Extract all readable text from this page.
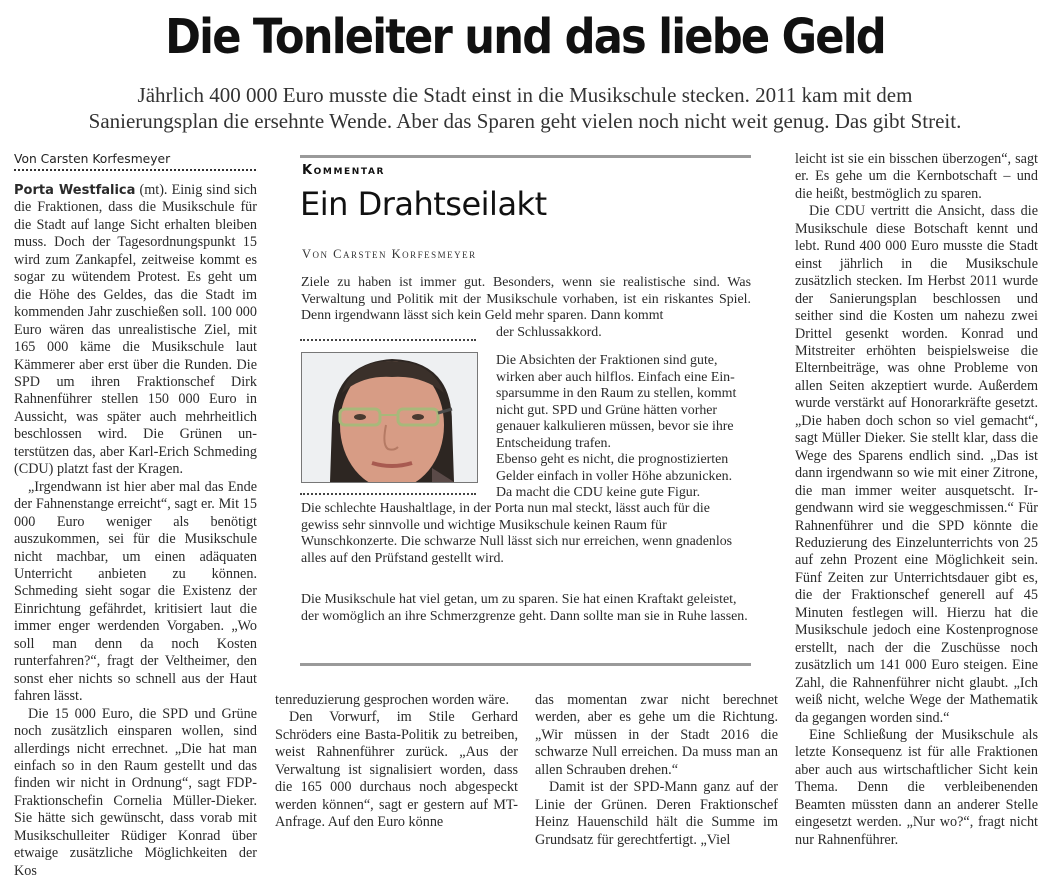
Die Tonleiter und das liebe Geld
Jährlich 400 000 Euro musste die Stadt einst in die Musikschule stecken. 2011 kam mit dem
Sanierungsplan die ersehnte Wende. Aber das Sparen geht vielen noch nicht weit genug. Das gibt Streit.
Von Carsten Korfesmeyer

Porta Westfalica (mt). Einig sind sich die Fraktionen, dass die Musikschule für die Stadt auf lange Sicht erhalten bleiben muss. Doch der Tagesordnungspunkt 15 wird zum Zankapfel, zeitweise kommt es sogar zu wütendem Protest. Es geht um die Höhe des Geldes, das die Stadt im kommenden Jahr zuschießen soll. 100 000 Euro wären das unrealistische Ziel, mit 165 000 käme die Musikschule laut Kämmerer aber erst über die Runden. Die SPD um ihren Fraktionschef Dirk Rahnenführer stellen 150 000 Euro in Aussicht, was später auch mehrheitlich beschlossen wird. Die Grünen unterstützen das, aber Karl-Erich Schmeding (CDU) platzt fast der Kragen.

„Irgendwann ist hier aber mal das Ende der Fahnenstange erreicht“, sagt er. Mit 15 000 Euro weniger als benötigt auszukommen, sei für die Musikschule nicht machbar, um einen adäquaten Unterricht anbieten zu können. Schmeding sieht sogar die Existenz der Einrichtung gefährdet, kritisiert laut die immer enger werdenden Vorgaben. „Wo soll man denn da noch Kosten runterfahren?“, fragt der Veltheimer, den sonst eher nichts so schnell aus der Haut fahren lässt.

Die 15 000 Euro, die SPD und Grüne noch zusätzlich einsparen wollen, sind allerdings nicht errechnet. „Die hat man einfach so in den Raum gestellt und das finden wir nicht in Ordnung“, sagt FDP-Fraktionschefin Cornelia Müller-Dieker. Sie hätte sich gewünscht, dass vorab mit Musikschulleiter Rüdiger Konrad über etwaige zusätzliche Möglichkeiten der Kos

tenreduzierung gesprochen worden wäre.

Den Vorwurf, im Stile Gerhard Schröders eine Basta-Politik zu betreiben, weist Rahnenführer zurück. „Aus der Verwaltung ist signalisiert worden, dass die 165 000 durchaus noch abgespeckt werden können“, sagt er gestern auf MT-Anfrage. Auf den Euro könne

das momentan zwar nicht berechnet werden, aber es gehe um die Richtung. „Wir müssen in der Stadt 2016 die schwarze Null erreichen. Da muss man an allen Schrauben drehen.“

Damit ist der SPD-Mann ganz auf der Linie der Grünen. Deren Fraktionschef Heinz Hauenschild hält die Summe im Grundsatz für gerechtfertigt. „Viel

leicht ist sie ein bisschen überzogen“, sagt er. Es gehe um die Kernbotschaft – und die heißt, bestmöglich zu sparen.

Die CDU vertritt die Ansicht, dass die Musikschule diese Botschaft kennt und lebt. Rund 400 000 Euro musste die Stadt einst jährlich in die Musikschule zusätzlich stecken. Im Herbst 2011 wurde der Sanierungsplan beschlossen und seither sind die Kosten um nahezu zwei Drittel gesenkt worden. Konrad und Mitstreiter erhöhten beispielsweise die Elternbeiträge, was ohne Probleme von allen Seiten akzeptiert wurde. Außerdem wurde verstärkt auf Honorarkräfte gesetzt. „Die haben doch schon so viel gemacht“, sagt Müller Dieker. Sie stellt klar, dass die Wege des Sparens endlich sind. „Das ist dann irgendwann so wie mit einer Zitrone, die man immer weiter ausquetscht. Irgendwann wird sie weggeschmissen.“ Für Rahnenführer und die SPD könnte die Reduzierung des Einzelunterrichts von 25 auf zehn Prozent eine Möglichkeit sein. Fünf Zeiten zur Unterrichtsdauer gibt es, die der Fraktionschef generell auf 45 Minuten festlegen will. Hierzu hat die Musikschule jedoch eine Kostenprognose erstellt, nach der die Zuschüsse noch zusätzlich um 141 000 Euro steigen. Eine Zahl, die Rahnenführer nicht glaubt. „Ich weiß nicht, welche Wege der Mathematik da gegangen worden sind.“

Eine Schließung der Musikschule als letzte Konsequenz ist für alle Fraktionen aber auch aus wirtschaftlicher Sicht kein Thema. Denn die verbleibenenden Beamten müssten dann an anderer Stelle eingesetzt werden. „Nur wo?“, fragt nicht nur Rahnenführer.

Kommentar
Ein Drahtseilakt
Von Carsten Korfesmeyer

Ziele zu haben ist immer gut. Besonders, wenn sie realistische sind. Was Verwaltung und Politik mit der Musikschule vorhaben, ist ein riskantes Spiel. Denn irgendwann lässt sich kein Geld mehr sparen. Dann kommt

der Schlussakkord.

Die Absichten der Fraktionen sind gute, wirken aber auch hilflos. Einfach eine Einsparsumme in den Raum zu stellen, kommt nicht gut. SPD und Grüne hätten vorher genauer kalkulieren müssen, bevor sie ihre Entscheidung trafen.

Ebenso geht es nicht, die prognostizierten Gelder einfach in voller Höhe abzunicken. Da macht die CDU keine gute Figur.

Die schlechte Haushaltlage, in der Porta nun mal steckt, lässt auch für die gewiss sehr sinnvolle und wichtige Musikschule keinen Raum für Wunschkonzerte. Die schwarze Null lässt sich nur erreichen, wenn gnadenlos alles auf den Prüfstand gestellt wird.

Die Musikschule hat viel getan, um zu sparen. Sie hat einen Kraftakt geleistet, der womöglich an ihre Schmerzgrenze geht. Dann sollte man sie in Ruhe lassen.
